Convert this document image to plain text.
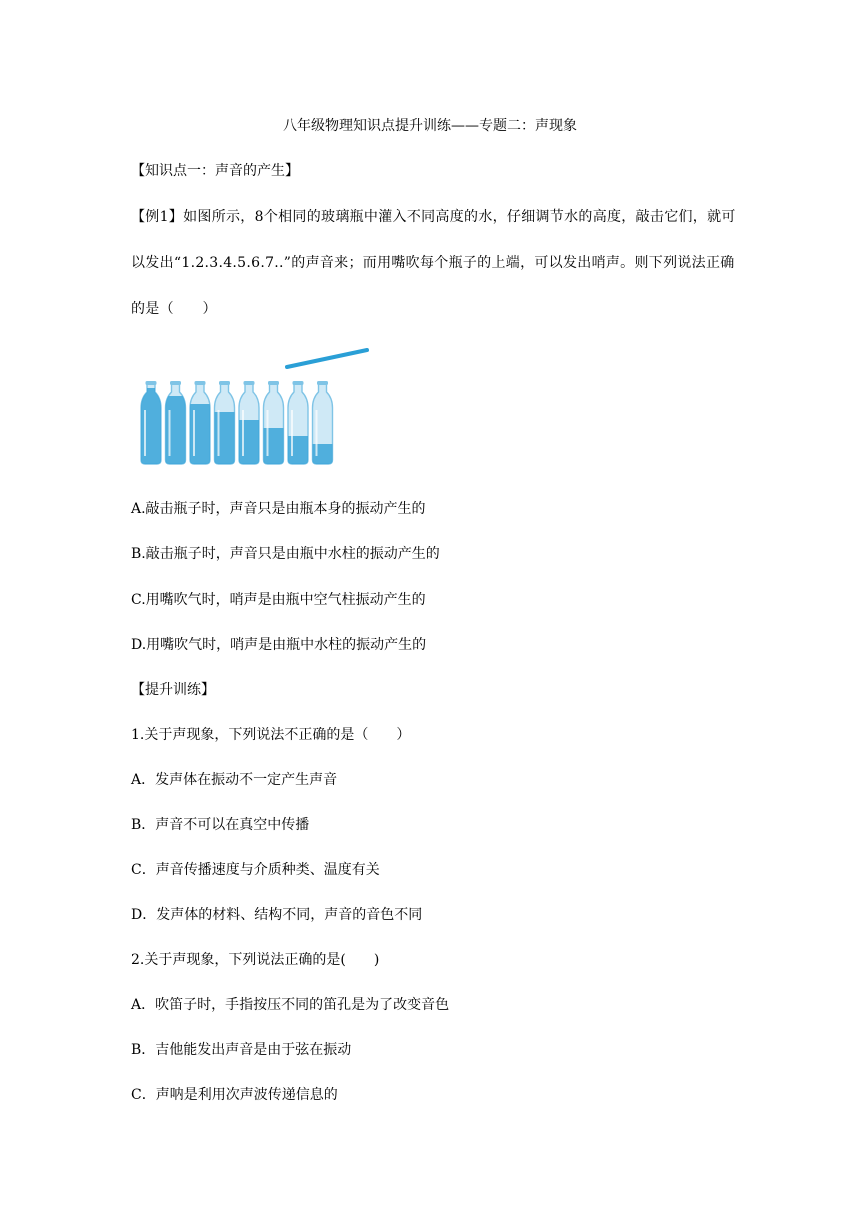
八年级物理知识点提升训练——专题二：声现象
【知识点一：声音的产生】
【例1】如图所示，8个相同的玻璃瓶中灌入不同高度的水，仔细调节水的高度，敲击它们，就可以发出“1.2.3.4.5.6.7..”的声音来；而用嘴吹每个瓶子的上端，可以发出哨声。则下列说法正确的是（　　）
A.敲击瓶子时，声音只是由瓶本身的振动产生的
B.敲击瓶子时，声音只是由瓶中水柱的振动产生的
C.用嘴吹气时，哨声是由瓶中空气柱振动产生的
D.用嘴吹气时，哨声是由瓶中水柱的振动产生的
【提升训练】
1.关于声现象，下列说法不正确的是（　　）
A．发声体在振动不一定产生声音
B．声音不可以在真空中传播
C．声音传播速度与介质种类、温度有关
D．发声体的材料、结构不同，声音的音色不同
2.关于声现象，下列说法正确的是(　　)
A．吹笛子时，手指按压不同的笛孔是为了改变音色
B．吉他能发出声音是由于弦在振动
C．声呐是利用次声波传递信息的
